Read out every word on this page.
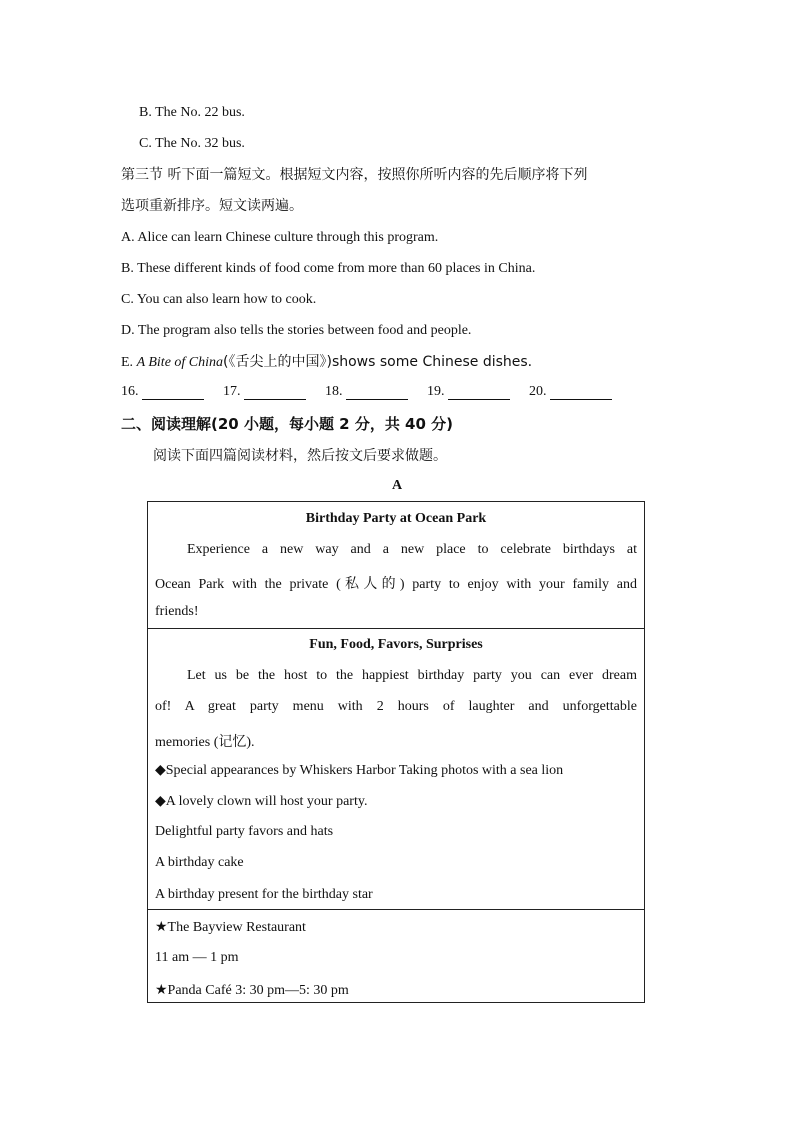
B. The No. 22 bus.
C. The No. 32 bus.
第三节 听下面一篇短文。根据短文内容，按照你所听内容的先后顺序将下列
选项重新排序。短文读两遍。
A. Alice can learn Chinese culture through this program.
B. These different kinds of food come from more than 60 places in China.
C. You can also learn how to cook.
D. The program also tells the stories between food and people.
E. A Bite of China(《舌尖上的中国》)shows some Chinese dishes.
16.	17.	18.	19.	20.
二、阅读理解(20 小题，每小题 2 分，共 40 分)
阅读下面四篇阅读材料，然后按文后要求做题。
A
Birthday Party at Ocean Park
Experience a new way and a new place to celebrate birthdays at
Ocean Park with the private (私人的) party to enjoy with your family and
friends!
Fun, Food, Favors, Surprises
Let us be the host to the happiest birthday party you can ever dream
of! A great party menu with 2 hours of laughter and unforgettable
memories (记忆).
◆Special appearances by Whiskers Harbor Taking photos with a sea lion
◆A lovely clown will host your party.
Delightful party favors and hats
A birthday cake
A birthday present for the birthday star
★The Bayview Restaurant
11 am — 1 pm
★Panda Café 3: 30 pm—5: 30 pm
